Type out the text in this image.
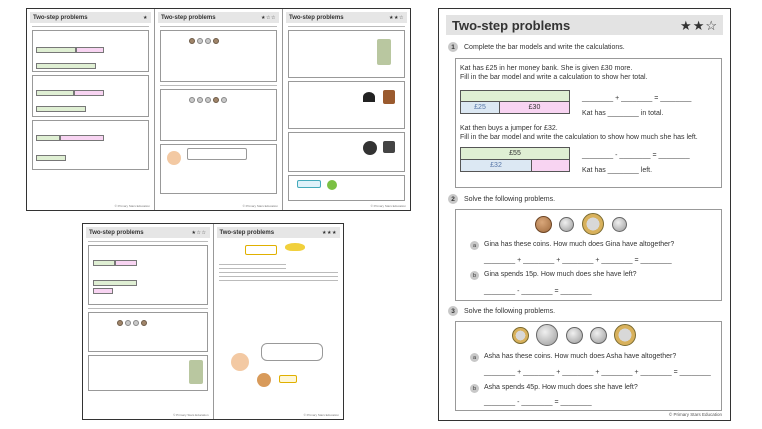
Two-step problems	★
© Primary Stars Education
Two-step problems	★☆☆
© Primary Stars Education
Two-step problems	★★☆
© Primary Stars Education
Two-step problems	★☆☆
© Primary Stars Education
Two-step problems	★★★
© Primary Stars Education
Two-step problems	★ ★ ☆
1	Complete the bar models and write the calculations.
Kat has £25 in her money bank. She is given £30 more.
Fill in the bar model and write a calculation to show her total.
£25	£30
________ + ________ = ________
Kat has ________ in total.
Kat then buys a jumper for £32.
Fill in the bar model and write the calculation to show how much she has left.
£55
£32
________ - ________ = ________
Kat has ________ left.
2	Solve the following problems.
a	Gina has these coins. How much does Gina have altogether?
________ + ________ + ________ + ________ = ________
b	Gina spends 15p. How much does she have left?
________ - ________ = ________
3	Solve the following problems.
a	Asha has these coins. How much does Asha have altogether?
________ + ________ + ________ + ________ + ________ = ________
b	Asha spends 45p. How much does she have left?
________ - ________ = ________
© Primary Stars Education
